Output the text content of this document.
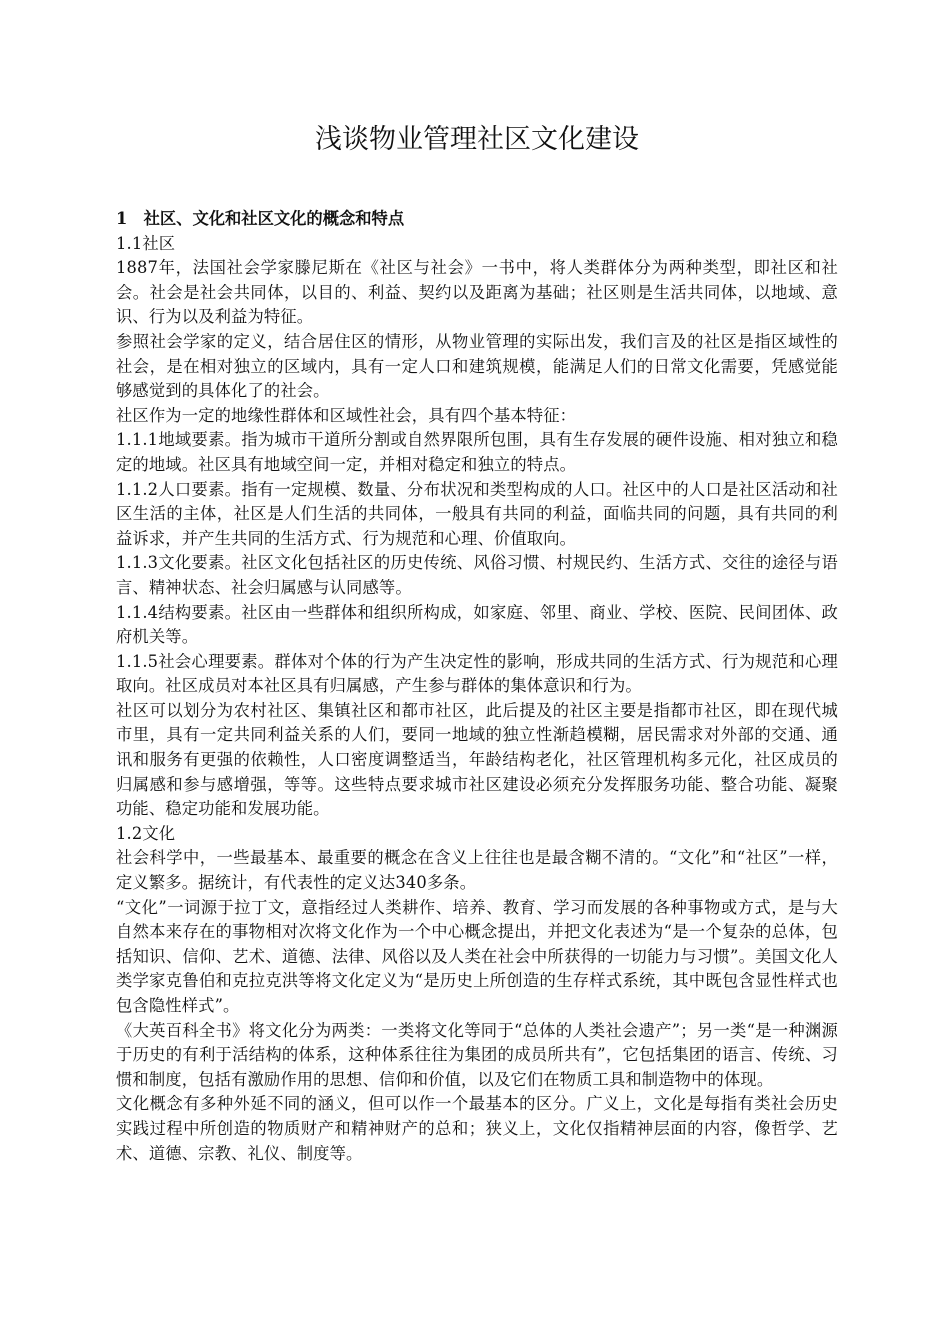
浅谈物业管理社区文化建设

1　社区、文化和社区文化的概念和特点

1.1社区

1887年，法国社会学家滕尼斯在《社区与社会》一书中，将人类群体分为两种类型，即社区和社会。社会是社会共同体，以目的、利益、契约以及距离为基础；社区则是生活共同体，以地域、意识、行为以及利益为特征。

参照社会学家的定义，结合居住区的情形，从物业管理的实际出发，我们言及的社区是指区域性的社会，是在相对独立的区域内，具有一定人口和建筑规模，能满足人们的日常文化需要，凭感觉能够感觉到的具体化了的社会。

社区作为一定的地缘性群体和区域性社会，具有四个基本特征：

1.1.1地域要素。指为城市干道所分割或自然界限所包围，具有生存发展的硬件设施、相对独立和稳定的地域。社区具有地域空间一定，并相对稳定和独立的特点。

1.1.2人口要素。指有一定规模、数量、分布状况和类型构成的人口。社区中的人口是社区活动和社区生活的主体，社区是人们生活的共同体，一般具有共同的利益，面临共同的问题，具有共同的利益诉求，并产生共同的生活方式、行为规范和心理、价值取向。

1.1.3文化要素。社区文化包括社区的历史传统、风俗习惯、村规民约、生活方式、交往的途径与语言、精神状态、社会归属感与认同感等。

1.1.4结构要素。社区由一些群体和组织所构成，如家庭、邻里、商业、学校、医院、民间团体、政府机关等。

1.1.5社会心理要素。群体对个体的行为产生决定性的影响，形成共同的生活方式、行为规范和心理取向。社区成员对本社区具有归属感，产生参与群体的集体意识和行为。

社区可以划分为农村社区、集镇社区和都市社区，此后提及的社区主要是指都市社区，即在现代城市里，具有一定共同利益关系的人们，要同一地域的独立性渐趋模糊，居民需求对外部的交通、通讯和服务有更强的依赖性，人口密度调整适当，年龄结构老化，社区管理机构多元化，社区成员的归属感和参与感增强，等等。这些特点要求城市社区建设必须充分发挥服务功能、整合功能、凝聚功能、稳定功能和发展功能。

1.2文化

社会科学中，一些最基本、最重要的概念在含义上往往也是最含糊不清的。“文化”和“社区”一样，定义繁多。据统计，有代表性的定义达340多条。

“文化”一词源于拉丁文，意指经过人类耕作、培养、教育、学习而发展的各种事物或方式，是与大自然本来存在的事物相对次将文化作为一个中心概念提出，并把文化表述为“是一个复杂的总体，包括知识、信仰、艺术、道德、法律、风俗以及人类在社会中所获得的一切能力与习惯”。美国文化人类学家克鲁伯和克拉克洪等将文化定义为“是历史上所创造的生存样式系统，其中既包含显性样式也包含隐性样式”。

《大英百科全书》将文化分为两类：一类将文化等同于“总体的人类社会遗产”；另一类“是一种渊源于历史的有利于活结构的体系，这种体系往往为集团的成员所共有”，它包括集团的语言、传统、习惯和制度，包括有激励作用的思想、信仰和价值，以及它们在物质工具和制造物中的体现。

文化概念有多种外延不同的涵义，但可以作一个最基本的区分。广义上，文化是每指有类社会历史实践过程中所创造的物质财产和精神财产的总和；狭义上，文化仅指精神层面的内容，像哲学、艺术、道德、宗教、礼仪、制度等。
